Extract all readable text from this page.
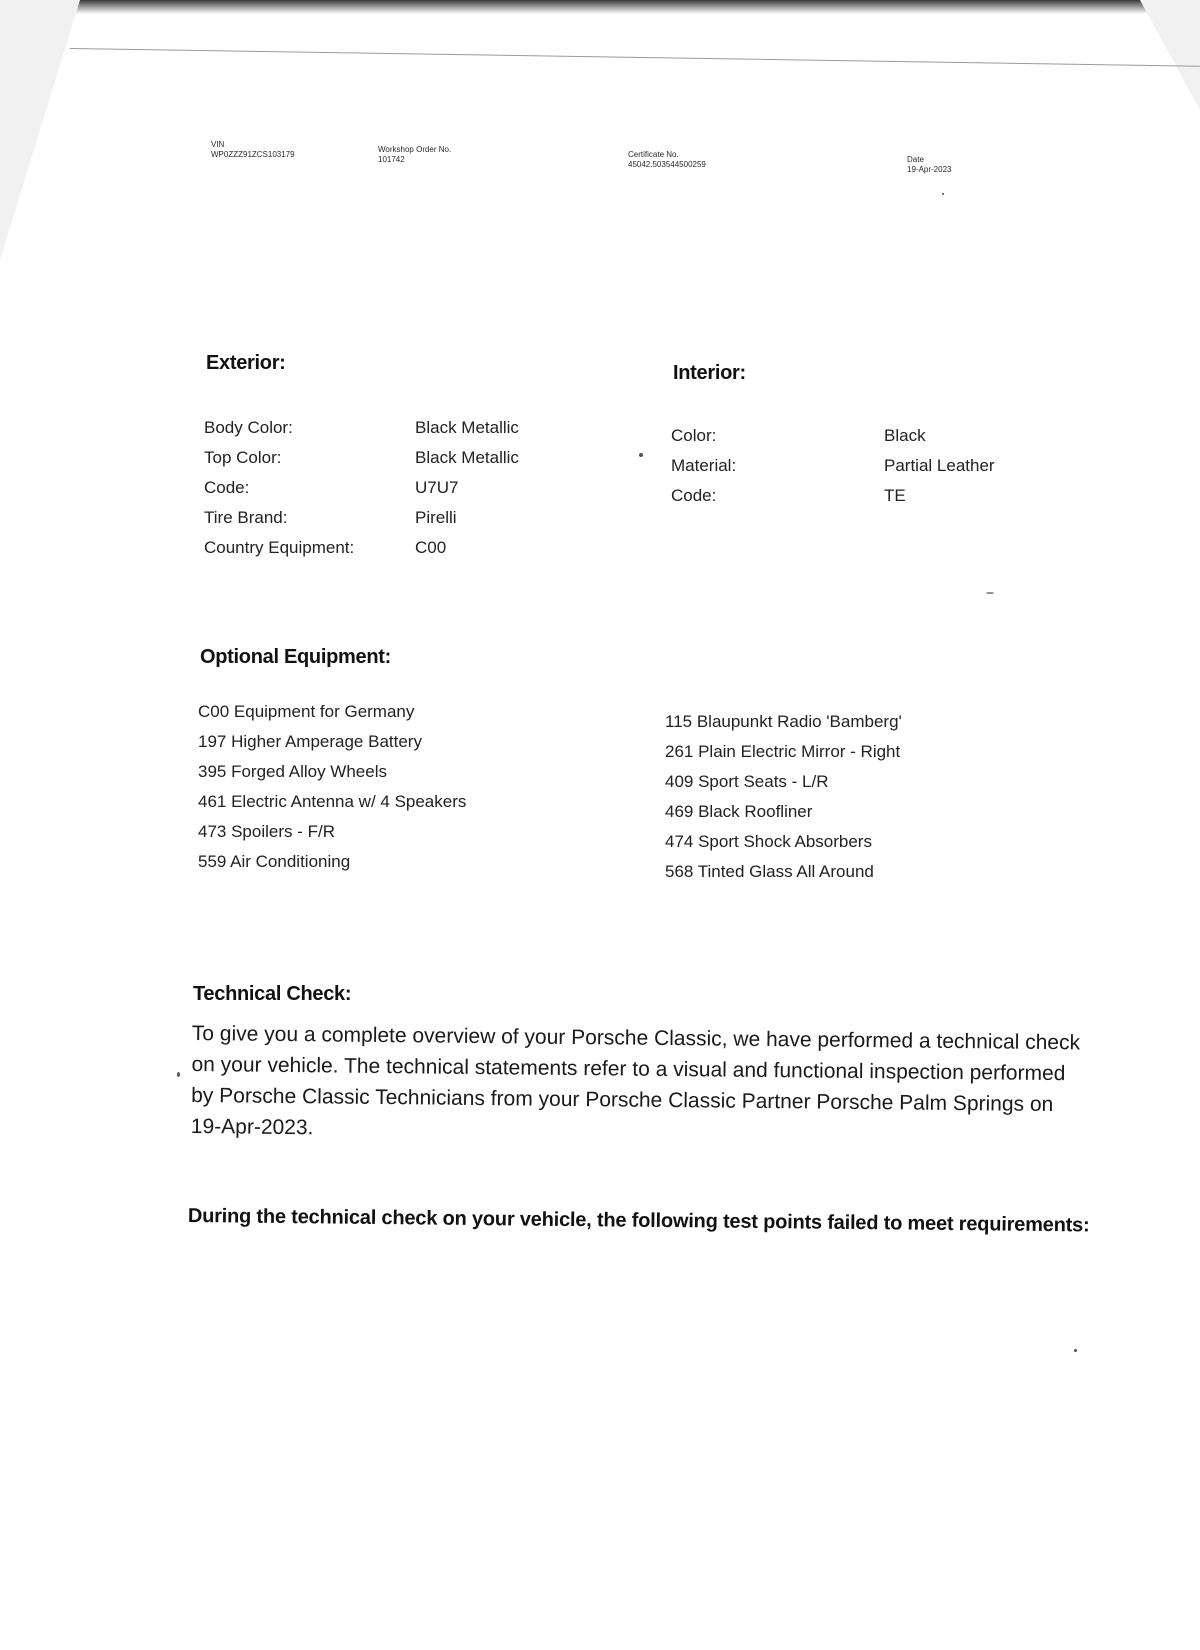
VIN
WP0ZZZ91ZCS103179
Workshop Order No.
101742
Certificate No.
45042.503544500259
Date
19-Apr-2023
Exterior:
Body Color:	Black Metallic
Top Color:	Black Metallic
Code:	U7U7
Tire Brand:	Pirelli
Country Equipment:	C00
Interior:
Color:	Black
Material:	Partial Leather
Code:	TE
Optional Equipment:
C00 Equipment for Germany
197 Higher Amperage Battery
395 Forged Alloy Wheels
461 Electric Antenna w/ 4 Speakers
473 Spoilers - F/R
559 Air Conditioning
115 Blaupunkt Radio 'Bamberg'
261 Plain Electric Mirror - Right
409 Sport Seats - L/R
469 Black Roofliner
474 Sport Shock Absorbers
568 Tinted Glass All Around
Technical Check:

To give you a complete overview of your Porsche Classic, we have performed a technical check on your vehicle. The technical statements refer to a visual and functional inspection performed by Porsche Classic Technicians from your Porsche Classic Partner Porsche Palm Springs on 19-Apr-2023.

During the technical check on your vehicle, the following test points failed to meet requirements:
